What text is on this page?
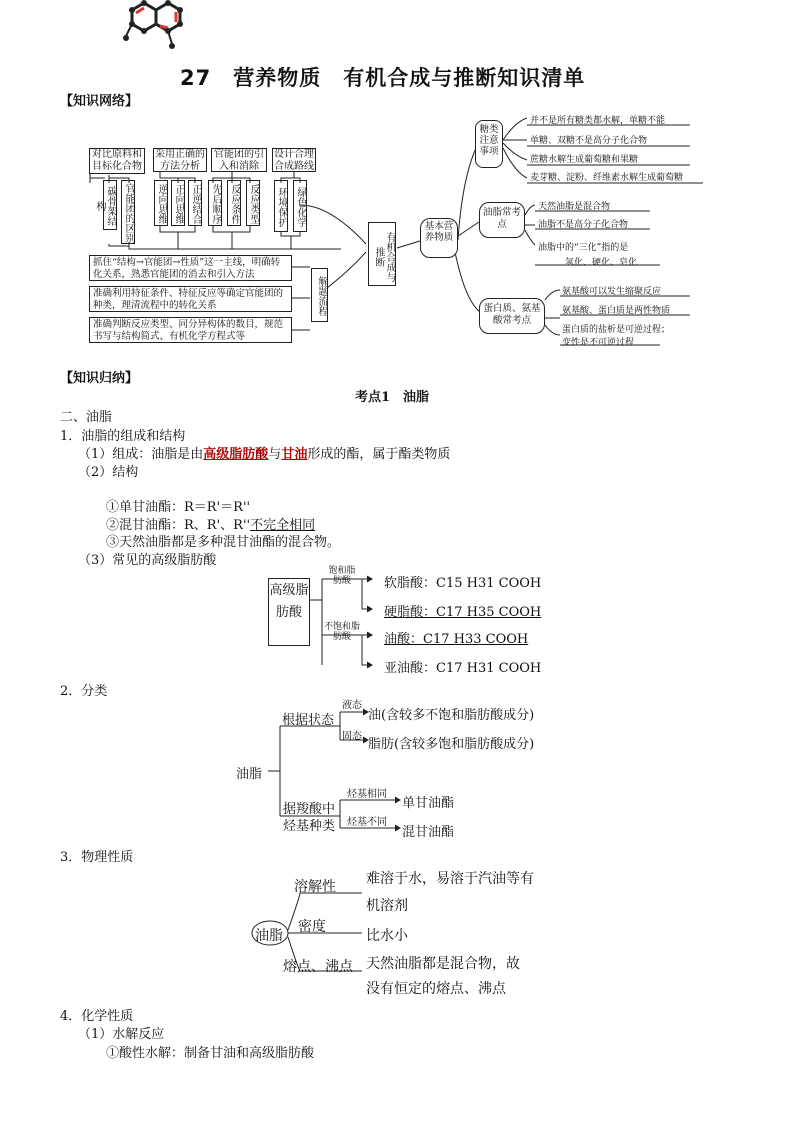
27　营养物质　有机合成与推断知识清单
【知识网络】
对比原料和目标化合物
采用正确的方法分析
官能团的引入和消除
设计合理合成路线
碳骨架结构	官能团的区别 逆向思维 正向思维 正逆结合 先后顺序 反应条件 反应类型 环境保护 绿色化学
抓住“结构→官能团→性质”这一主线，明确转化关系，熟悉官能团的消去和引入方法
准确利用特征条件、特征反应等确定官能团的种类，理清流程中的转化关系
准确判断反应类型、同分异构体的数目，规范书写与结构简式、有机化学方程式等
解题流程
有机合成与推断
基本营养物质
糖类注意事项
油脂常考点
蛋白质、氨基酸常考点
并不是所有糖类都水解，单糖不能
单糖、双糖不是高分子化合物
蔗糖水解生成葡萄糖和果糖
麦芽糖、淀粉、纤维素水解生成葡萄糖
天然油脂是混合物
油脂不是高分子化合物
油脂中的“三化”指的是
氢化、硬化、皂化
氨基酸可以发生缩聚反应
氨基酸、蛋白质是两性物质
蛋白质的盐析是可逆过程；
变性是不可逆过程
【知识归纳】
考点1　油脂
二、油脂
1．油脂的组成和结构
（1）组成：油脂是由高级脂肪酸与甘油形成的酯，属于酯类物质
（2）结构
①单甘油酯：R＝R'＝R''
②混甘油酯：R、R'、R''不完全相同
③天然油脂都是多种混甘油酯的混合物。
（3）常见的高级脂肪酸
高级脂肪酸
饱和脂肪酸
不饱和脂肪酸
软脂酸：C15 H31 COOH
硬脂酸：C17 H35 COOH
油酸：C17 H33 COOH
亚油酸：C17 H31 COOH
2．分类
油脂
根据状态
液态
固态
油(含较多不饱和脂肪酸成分)
脂肪(含较多饱和脂肪酸成分)
据羧酸中
烃基种类
烃基相同
烃基不同
单甘油酯
混甘油酯
3．物理性质
油脂
溶解性
密度
熔点、沸点
难溶于水，易溶于汽油等有
机溶剂
比水小
天然油脂都是混合物，故
没有恒定的熔点、沸点
4．化学性质
（1）水解反应
①酸性水解：制备甘油和高级脂肪酸
